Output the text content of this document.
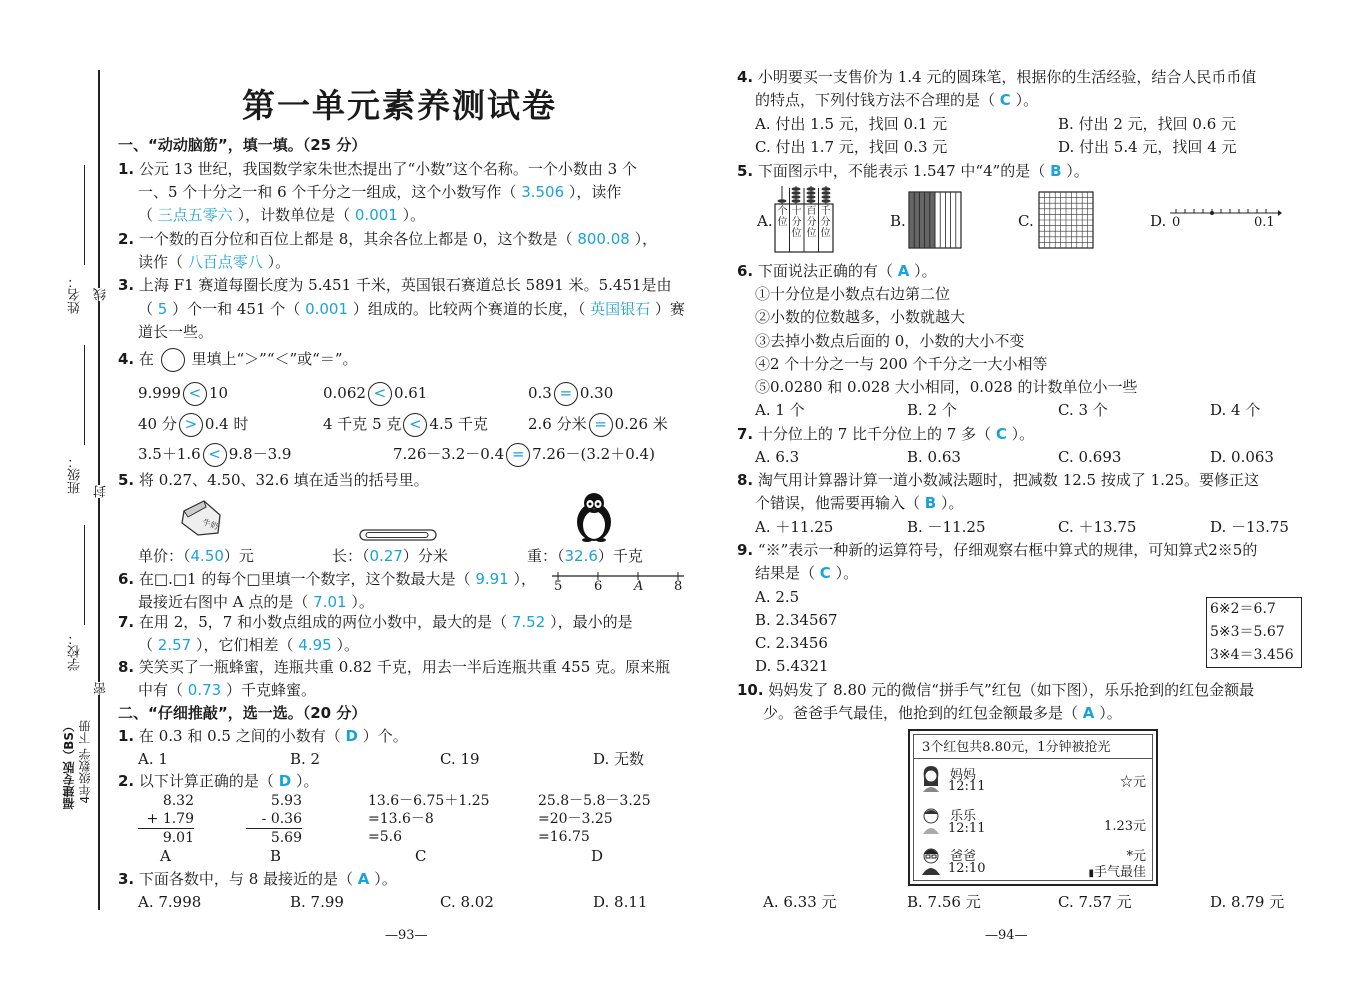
姓名：
班级：
学校：
线
封
密
福建专版（BS） 4年级数学 下册
第一单元素养测试卷
一、“动动脑筋”，填一填。（25 分）
1. 公元 13 世纪，我国数学家朱世杰提出了“小数”这个名称。一个小数由 3 个
一、5 个十分之一和 6 个千分之一组成，这个小数写作（ 3.506 ），读作
（ 三点五零六 ），计数单位是（ 0.001 ）。
2. 一个数的百分位和百位上都是 8，其余各位上都是 0，这个数是（ 800.08 ），
读作（ 八百点零八 ）。
3. 上海 F1 赛道每圈长度为 5.451 千米，英国银石赛道总长 5891 米。5.451是由
（ 5 ）个一和 451 个（ 0.001 ）组成的。比较两个赛道的长度，（ 英国银石 ）赛
道长一些。
4. 在	里填上“＞”“＜”或“＝”。
9.999 < 10	0.062 < 0.61	0.3 = 0.30
40 分 > 0.4 时	4 千克 5 克 < 4.5 千克	2.6 分米 = 0.26 米
3.5＋1.6 < 9.8－3.9	7.26－3.2－0.4 = 7.26－(3.2＋0.4)
5. 将 0.27、4.50、32.6 填在适当的括号里。
牛奶
单价：（4.50）元	长：（0.27）分米	重：（32.6）千克
6. 在□.□1 的每个□里填一个数字，这个数最大是（ 9.91 ），
最接近右图中 A 点的是（ 7.01 ）。
5 6 A 8
7. 在用 2，5，7 和小数点组成的两位小数中，最大的是（ 7.52 ），最小的是
（ 2.57 ），它们相差（ 4.95 ）。
8. 笑笑买了一瓶蜂蜜，连瓶共重 0.82 千克，用去一半后连瓶共重 455 克。原来瓶
中有（ 0.73 ）千克蜂蜜。
二、“仔细推敲”，选一选。（20 分）
1. 在 0.3 和 0.5 之间的小数有（ D ）个。
A. 1	B. 2	C. 19	D. 无数
2. 以下计算正确的是（ D ）。
8.32
+ 1.79
9.01
5.93
- 0.36
5.69
13.6－6.75＋1.25
=13.6－8
=5.6
25.8－5.8－3.25
=20－3.25
=16.75
A	B	C	D
3. 下面各数中，与 8 最接近的是（ A ）。
A. 7.998	B. 7.99	C. 8.02	D. 8.11
—93—
4. 小明要买一支售价为 1.4 元的圆珠笔，根据你的生活经验，结合人民币币值
的特点，下列付钱方法不合理的是（ C ）。
A. 付出 1.5 元，找回 0.1 元	B. 付出 2 元，找回 0.6 元
C. 付出 1.7 元，找回 0.3 元	D. 付出 5.4 元，找回 4 元
5. 下面图示中，不能表示 1.547 中“4”的是（ B ）。
A.
个位
十分位
百分位
千分位
B.	C.	D. 0	0.1
6. 下面说法正确的有（ A ）。
①十分位是小数点右边第二位
②小数的位数越多，小数就越大
③去掉小数点后面的 0，小数的大小不变
④2 个十分之一与 200 个千分之一大小相等
⑤0.0280 和 0.028 大小相同，0.028 的计数单位小一些
A. 1 个	B. 2 个	C. 3 个	D. 4 个
7. 十分位上的 7 比千分位上的 7 多（ C ）。
A. 6.3	B. 0.63	C. 0.693	D. 0.063
8. 淘气用计算器计算一道小数减法题时，把减数 12.5 按成了 1.25。要修正这
个错误，他需要再输入（ B ）。
A. ＋11.25	B. －11.25	C. ＋13.75	D. －13.75
9. “※”表示一种新的运算符号，仔细观察右框中算式的规律，可知算式2※5的
结果是（ C ）。
A. 2.5
B. 2.34567
C. 2.3456
D. 5.4321
6※2＝6.7
5※3＝5.67
3※4＝3.456
10. 妈妈发了 8.80 元的微信“拼手气”红包（如下图），乐乐抢到的红包金额最
少。爸爸手气最佳，他抢到的红包金额最多是（ A ）。
3个红包共8.80元，1分钟被抢光
妈妈
12:11	☆元
乐乐
12:11	1.23元
爸爸
12:10
*元
▮手气最佳
A. 6.33 元	B. 7.56 元	C. 7.57 元	D. 8.79 元
—94—
